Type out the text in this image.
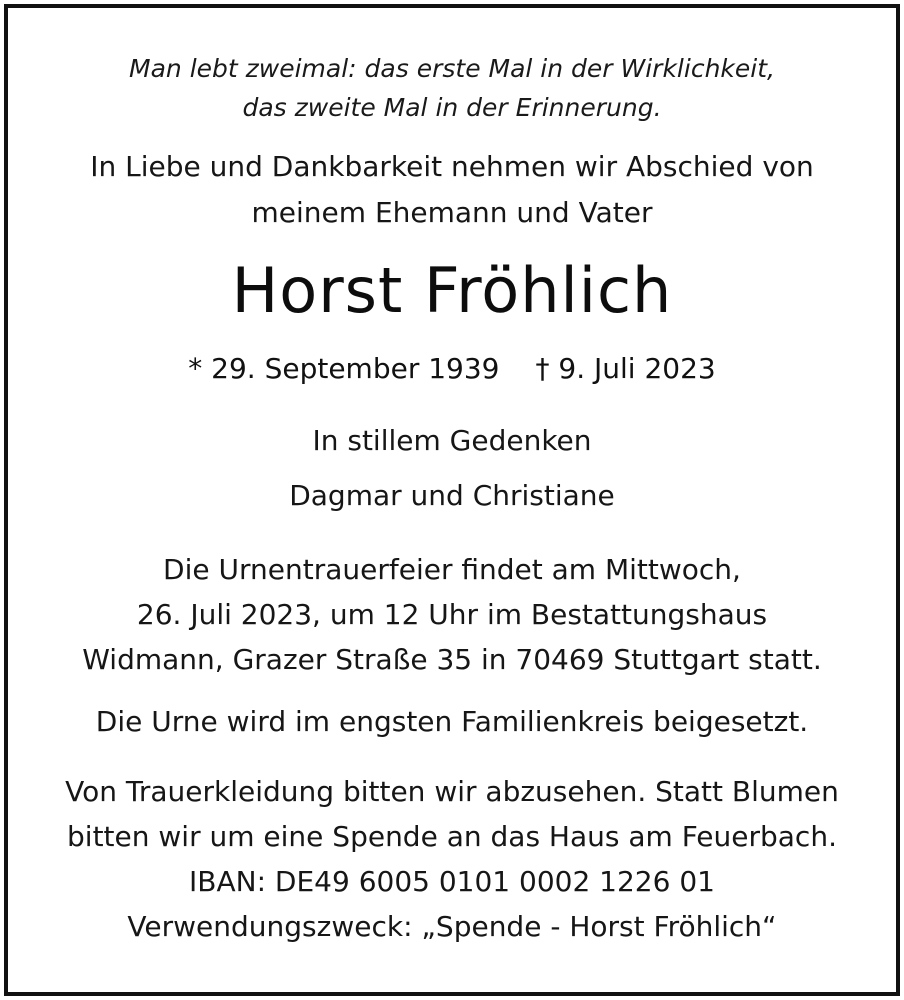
Man lebt zweimal: das erste Mal in der Wirklichkeit,

das zweite Mal in der Erinnerung.

In Liebe und Dankbarkeit nehmen wir Abschied von

meinem Ehemann und Vater

Horst Fröhlich

* 29. September 1939 † 9. Juli 2023

In stillem Gedenken

Dagmar und Christiane

Die Urnentrauerfeier findet am Mittwoch,

26. Juli 2023, um 12 Uhr im Bestattungshaus

Widmann, Grazer Straße 35 in 70469 Stuttgart statt.

Die Urne wird im engsten Familienkreis beigesetzt.

Von Trauerkleidung bitten wir abzusehen. Statt Blumen

bitten wir um eine Spende an das Haus am Feuerbach.

IBAN: DE49 6005 0101 0002 1226 01

Verwendungszweck: „Spende - Horst Fröhlich“
